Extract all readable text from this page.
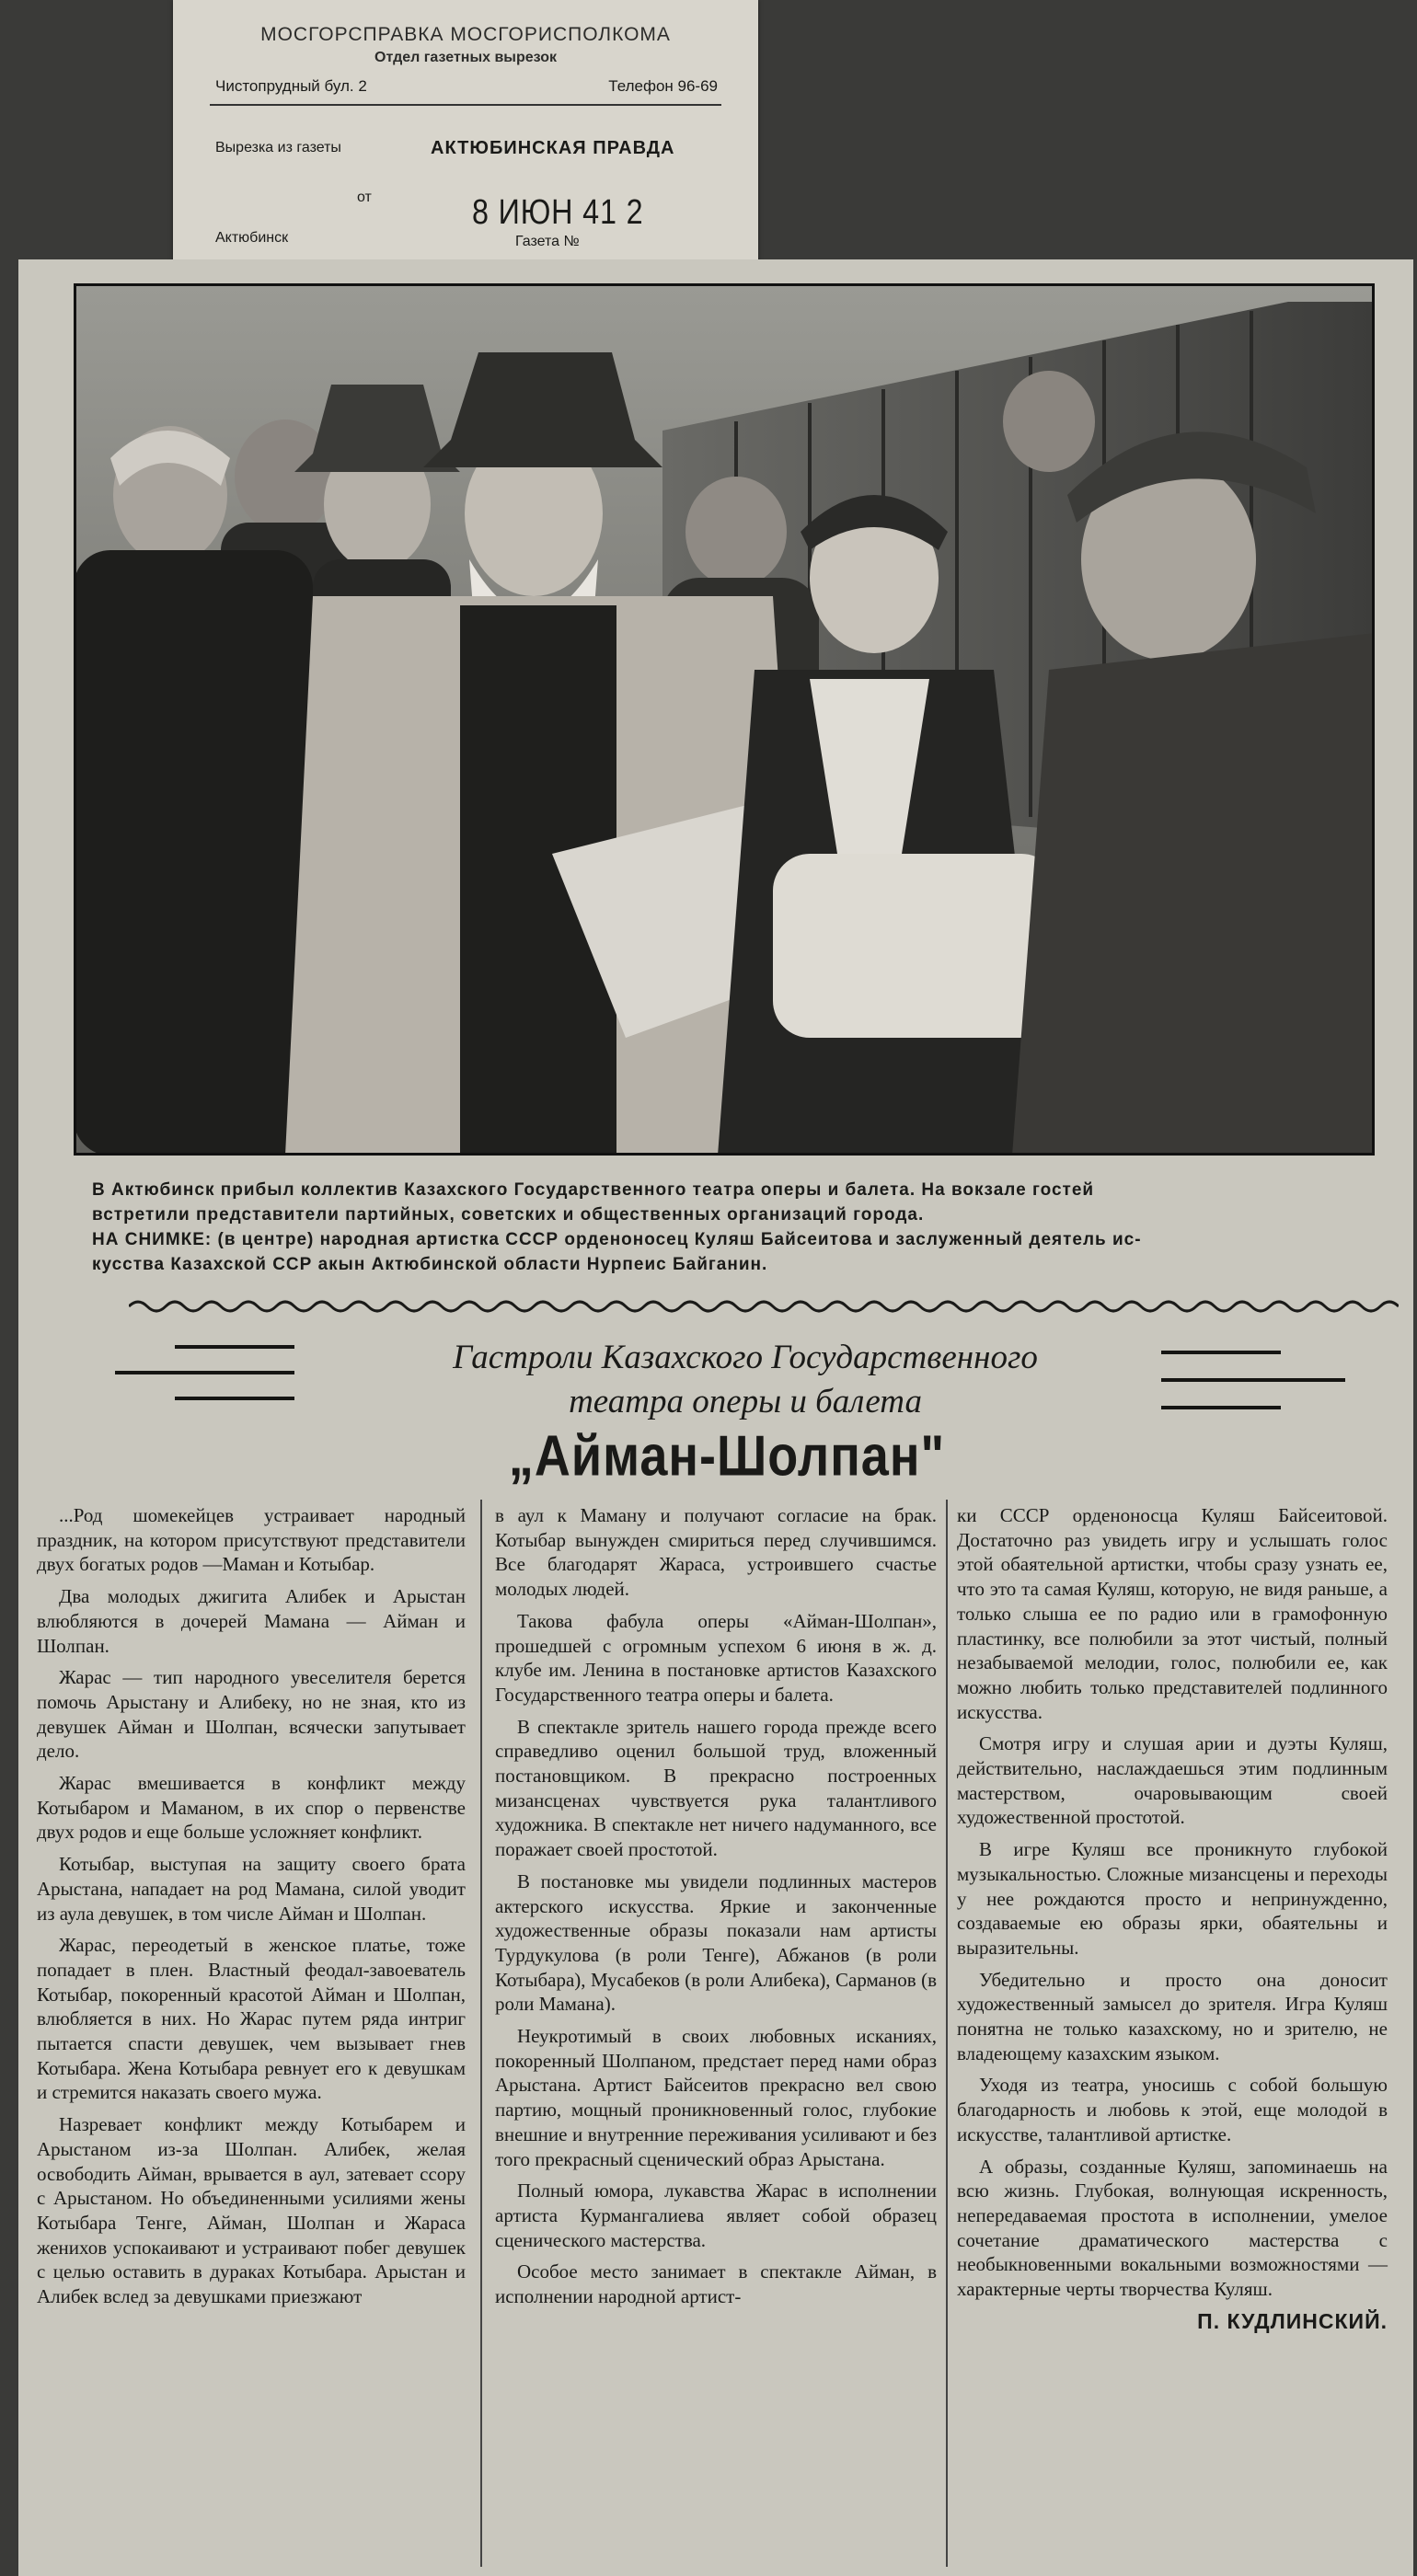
МОСГОРСПРАВКА МОСГОРИСПОЛКОМА
Отдел газетных вырезок
Чистопрудный бул. 2	Телефон 96-69
Вырезка из газеты	АКТЮБИНСКАЯ ПРАВДА
от	8 ИЮН 41 2
Актюбинск	Газета №
В Актюбинск прибыл коллектив Казахского Государственного театра оперы и балета. На вокзале гостей
встретили представители партийных, советских и общественных организаций города.
НА СНИМКЕ: (в центре) народная артистка СССР орденоносец Куляш Байсеитова и заслуженный деятель ис-
кусства Казахской ССР акын Актюбинской области Нурпеис Байганин.
Гастроли Казахского Государственного
театра оперы и балета
„Айман-Шолпан"

...Род шомекейцев устраивает народный праздник, на котором присутствуют представители двух богатых родов —Маман и Котыбар.

Два молодых джигита Алибек и Арыстан влюбляются в дочерей Мамана — Айман и Шолпан.

Жарас — тип народного увеселителя берется помочь Арыстану и Алибеку, но не зная, кто из девушек Айман и Шолпан, всячески запутывает дело.

Жарас вмешивается в конфликт между Котыбаром и Маманом, в их спор о первенстве двух родов и еще больше усложняет конфликт.

Котыбар, выступая на защиту своего брата Арыстана, нападает на род Мамана, силой уводит из аула девушек, в том числе Айман и Шолпан.

Жарас, переодетый в женское платье, тоже попадает в плен. Властный феодал-завоеватель Котыбар, покоренный красотой Айман и Шолпан, влюбляется в них. Но Жарас путем ряда интриг пытается спасти девушек, чем вызывает гнев Котыбара. Жена Котыбара ревнует его к девушкам и стремится наказать своего мужа.

Назревает конфликт между Котыбарем и Арыстаном из-за Шолпан. Алибек, желая освободить Айман, врывается в аул, затевает ссору с Арыстаном. Но объединенными усилиями жены Котыбара Тенге, Айман, Шолпан и Жараса женихов успокаивают и устраивают побег девушек с целью оставить в дураках Котыбара. Арыстан и Алибек вслед за девушками приезжают

в аул к Маману и получают согласие на брак. Котыбар вынужден смириться перед случившимся. Все благодарят Жараса, устроившего счастье молодых людей.

Такова фабула оперы «Айман-Шолпан», прошедшей с огромным успехом 6 июня в ж. д. клубе им. Ленина в постановке артистов Казахского Государственного театра оперы и балета.

В спектакле зритель нашего города прежде всего справедливо оценил большой труд, вложенный постановщиком. В прекрасно построенных мизансценах чувствуется рука талантливого художника. В спектакле нет ничего надуманного, все поражает своей простотой.

В постановке мы увидели подлинных мастеров актерского искусства. Яркие и законченные художественные образы показали нам артисты Турдукулова (в роли Тенге), Абжанов (в роли Котыбара), Мусабеков (в роли Алибека), Сарманов (в роли Мамана).

Неукротимый в своих любовных исканиях, покоренный Шолпаном, предстает перед нами образ Арыстана. Артист Байсеитов прекрасно вел свою партию, мощный проникновенный голос, глубокие внешние и внутренние переживания усиливают и без того прекрасный сценический образ Арыстана.

Полный юмора, лукавства Жарас в исполнении артиста Курмангалиева являет собой образец сценического мастерства.

Особое место занимает в спектакле Айман, в исполнении народной артист-

ки СССР орденоносца Куляш Байсеитовой. Достаточно раз увидеть игру и услышать голос этой обаятельной артистки, чтобы сразу узнать ее, что это та самая Куляш, которую, не видя раньше, а только слыша ее по радио или в грамофонную пластинку, все полюбили за этот чистый, полный незабываемой мелодии, голос, полюбили ее, как можно любить только представителей подлинного искусства.

Смотря игру и слушая арии и дуэты Куляш, действительно, наслаждаешься этим подлинным мастерством, очаровывающим своей художественной простотой.

В игре Куляш все проникнуто глубокой музыкальностью. Сложные мизансцены и переходы у нее рождаются просто и непринужденно, создаваемые ею образы ярки, обаятельны и выразительны.

Убедительно и просто она доносит художественный замысел до зрителя. Игра Куляш понятна не только казахскому, но и зрителю, не владеющему казахским языком.

Уходя из театра, уносишь с собой большую благодарность и любовь к этой, еще молодой в искусстве, талантливой артистке.

А образы, созданные Куляш, запоминаешь на всю жизнь. Глубокая, волнующая искренность, непередаваемая простота в исполнении, умелое сочетание драматического мастерства с необыкновенными вокальными возможностями — характерные черты творчества Куляш.

П. КУДЛИНСКИЙ.
